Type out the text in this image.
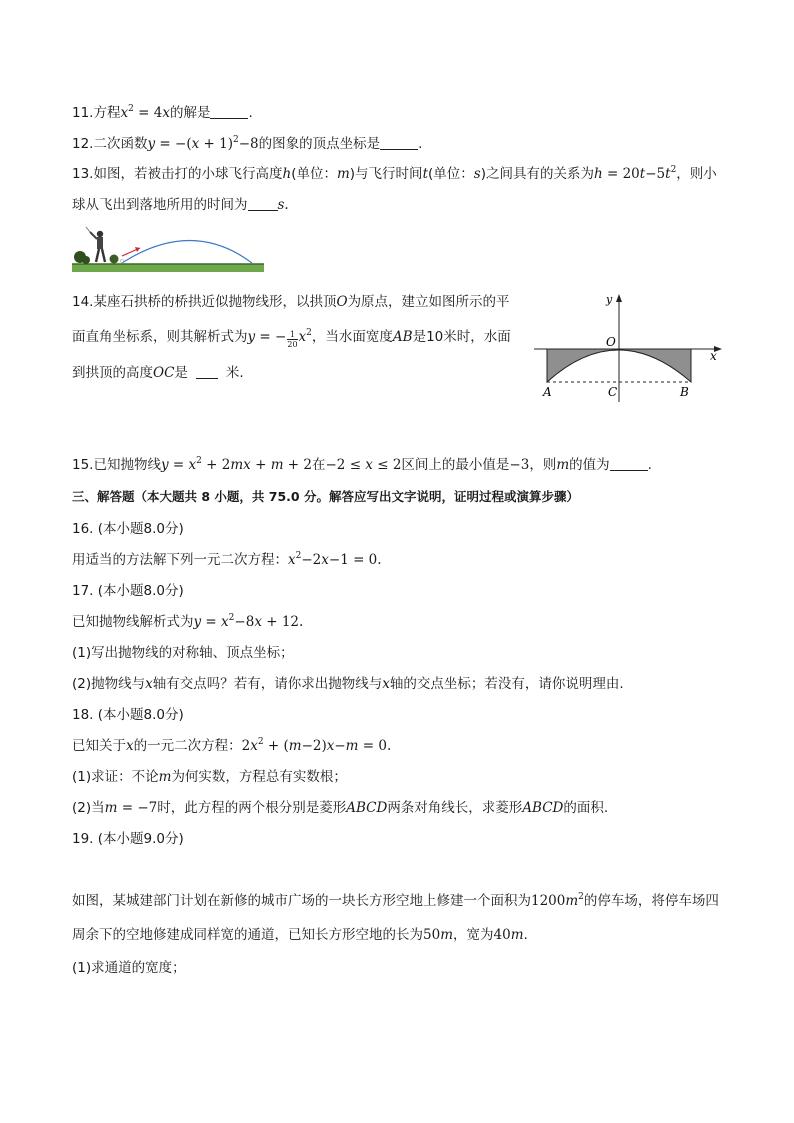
11.方程$x^2 = 4x$的解是	.
12.二次函数$y = -(x + 1)^2-8$的图象的顶点坐标是	.
13.如图，若被击打的小球飞行高度h(单位：m)与飞行时间t(单位：s)之间具有的关系为$h = 20t-5t^2$，则小
球从飞出到落地所用的时间为 s.
14.某座石拱桥的桥拱近似抛物线形，以拱顶O为原点，建立如图所示的平
面直角坐标系，则其解析式为y = − $\frac{1}{20} x^2$，当水面宽度AB是10米时，水面
到拱顶的高度OC是	米.
y
x
O
A	C	B
15.已知抛物线$y = x^2 + 2mx + m + 2$在−2 ≤ x ≤ 2区间上的最小值是−3，则m的值为	.
三、解答题（本大题共 8 小题，共 75.0 分。解答应写出文字说明，证明过程或演算步骤）
16. (本小题8.0分)
用适当的方法解下列一元二次方程：$x^2-2x-1 = 0$.
17. (本小题8.0分)
已知抛物线解析式为$y = x^2-8x + 12$.
(1)写出抛物线的对称轴、顶点坐标；
(2)抛物线与x轴有交点吗？若有，请你求出抛物线与x轴的交点坐标；若没有，请你说明理由.
18. (本小题8.0分)
已知关于x的一元二次方程：$2x^2 + (m-2)x-m = 0$.
(1)求证：不论m为何实数，方程总有实数根；
(2)当m = −7时，此方程的两个根分别是菱形ABCD两条对角线长，求菱形ABCD的面积.
19. (本小题9.0分)
如图，某城建部门计划在新修的城市广场的一块长方形空地上修建一个面积为$1200m^2$的停车场，将停车场四周余下的空地修建成同样宽的通道，已知长方形空地的长为50m，宽为40m.
(1)求通道的宽度；
